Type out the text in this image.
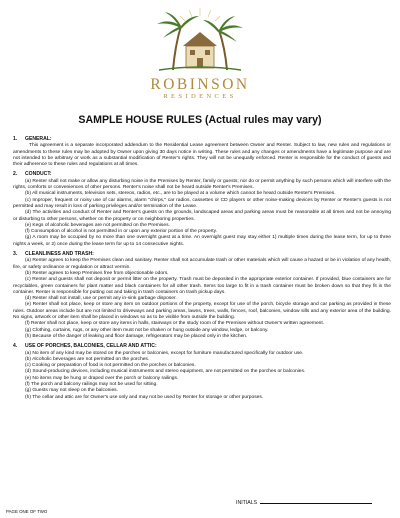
ROBINSON
RESIDENCES
SAMPLE HOUSE RULES (Actual rules may vary)
1. GENERAL:

This agreement is a separate incorporated addendum to the Residential Lease agreement between Owner and Renter. Subject to law, new rules and regulations or amendments to these rules may be adopted by Owner upon giving 30 days notice in writing. These rules and any changes or amendments have a legitimate purpose and are not intended to be arbitrary or work as a substantial modification of Renter's rights. They will not be unequally enforced. Renter is responsible for the conduct of guests and their adherence to these rules and regulations at all times.

2. CONDUCT:
(a) Renter shall not make or allow any disturbing noise in the Premises by Renter, family or guests; nor do or permit anything by such persons which will interfere with the rights, comforts or conveniences of other persons. Renter's noise shall not be heard outside Renter's Premises.
(b) All musical instruments, television sets, stereos, radios, etc., are to be played at a volume which cannot be heard outside Renter's Premises.
(c) Improper, frequent or noisy use of car alarms, alarm "chirps," car radios, cassettes or CD players or other noise-making devices by Renter or Renter's guests is not permitted and may result in loss of parking privileges and/or termination of the Lease.
(d) The activities and conduct of Renter and Renter's guests on the grounds, landscaped areas and parking areas must be reasonable at all times and not be annoying or disturbing to other persons, whether on the property or on neighboring properties.
(e) Kegs of alcoholic beverages are not permitted on the Premises.
(f) Consumption of alcohol is not permitted in or upon any exterior portion of the property.
(g) A room may be occupied by no more than one overnight guest at a time. An overnight guest may stay either 1) multiple times during the lease term, for up to three nights a week, or 2) once during the lease term for up to 14 consecutive nights.
3. CLEANLINESS AND TRASH:
(a) Renter agrees to keep the Premises clean and sanitary. Renter shall not accumulate trash or other materials which will cause a hazard or be in violation of any health, fire, or safety ordinance or regulation or attract vermin.
(b) Renter agrees to keep Premises free from objectionable odors.
(c) Renter and guests shall not deposit or permit litter on the property. Trash must be deposited in the appropriate exterior container. If provided, blue containers are for recyclables, green containers for plant matter and black containers for all other trash. Items too large to fit in a trash container must be broken down so that they fit in the container. Renter is responsible for putting out and taking in trash containers on trash pickup days.
(d) Renter shall not install, use or permit any in-sink garbage disposer.
(e) Renter shall not place, keep or store any item on outdoor portions of the property, except for use of the porch, bicycle storage and car parking as provided in these rules. Outdoor areas include but are not limited to driveways and parking areas, lawns, trees, walls, fences, roof, balconies, window sills and any exterior area of the building. No signs, artwork or other item shall be placed in windows so as to be visible from outside the building.
(f) Renter shall not place, keep or store any items in halls, stairways or the study room of the Premises without Owner's written agreement.
(g) Clothing, curtains, rugs, or any other item must not be shaken or hung outside any window, ledge, or balcony.
(h) Because of the danger of leaking and floor damage, refrigerators may be placed only in the kitchen.
4. USE OF PORCHES, BALCONIES, CELLAR AND ATTIC:
(a) No item of any kind may be stored on the porches or balconies, except for furniture manufactured specifically for outdoor use.
(b) Alcoholic beverages are not permitted on the porches.
(c) Cooking or preparation of food is not permitted on the porches or balconies.
(d) Sound-producing devices, including musical instruments and stereo equipment, are not permitted on the porches or balconies.
(e) No items may be hung or draped over the porch or balcony railings.
(f) The porch and balcony railings may not be used for sitting.
(g) Guests may not sleep on the balconies.
(h) The cellar and attic are for Owner's use only and may not be used by Renter for storage or other purposes.
INITIALS
PAGE ONE OF TWO
